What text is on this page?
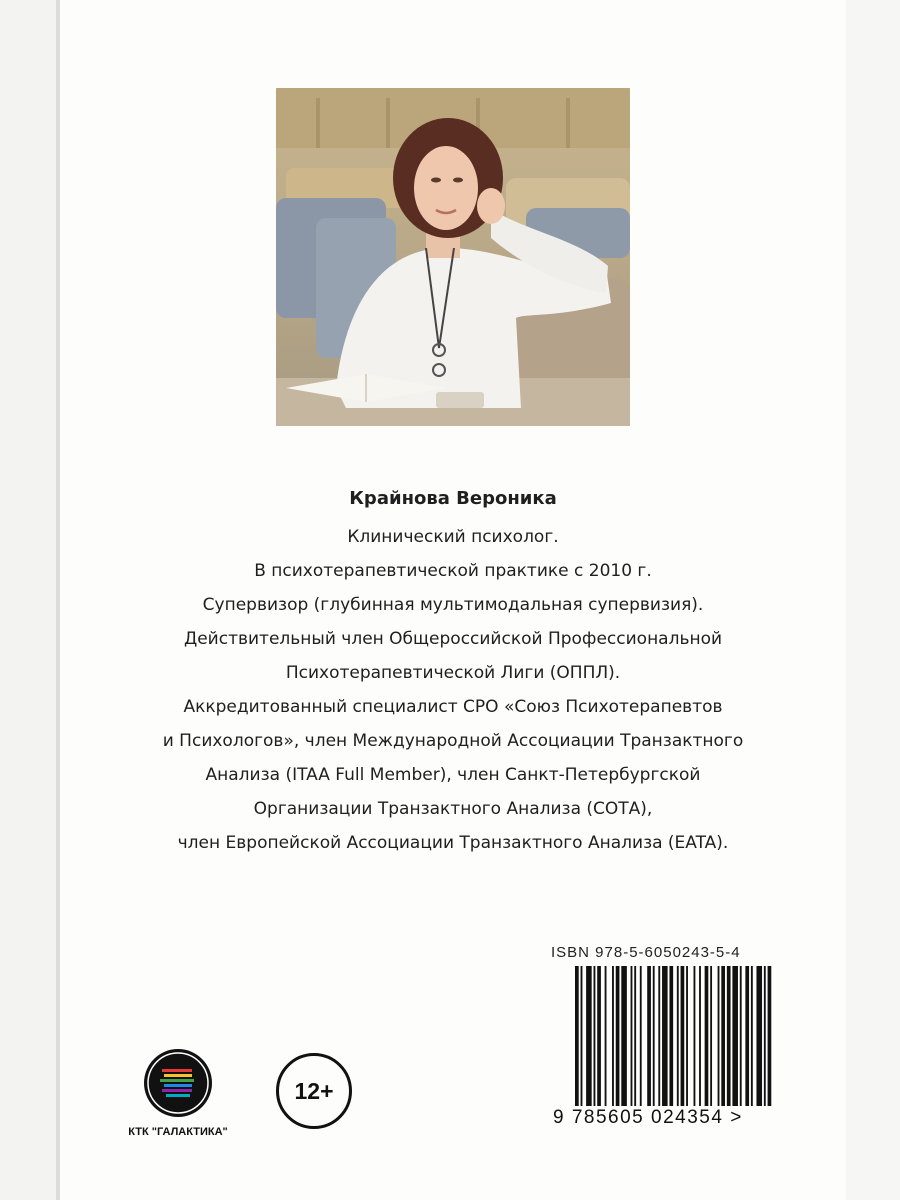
Крайнова Вероника

Клинический психолог.

В психотерапевтической практике с 2010 г.

Супервизор (глубинная мультимодальная супервизия).

Действительный член Общероссийской Профессиональной

Психотерапевтической Лиги (ОППЛ).

Аккредитованный специалист СРО «Союз Психотерапевтов

и Психологов», член Международной Ассоциации Транзактного

Анализа (ITAA Full Member), член Санкт-Петербургской

Организации Транзактного Анализа (СОТА),

член Европейской Ассоциации Транзактного Анализа (EATA).

ISBN 978-5-6050243-5-4
9 785605 024354 >
КТК "ГАЛАКТИКА"
12+
